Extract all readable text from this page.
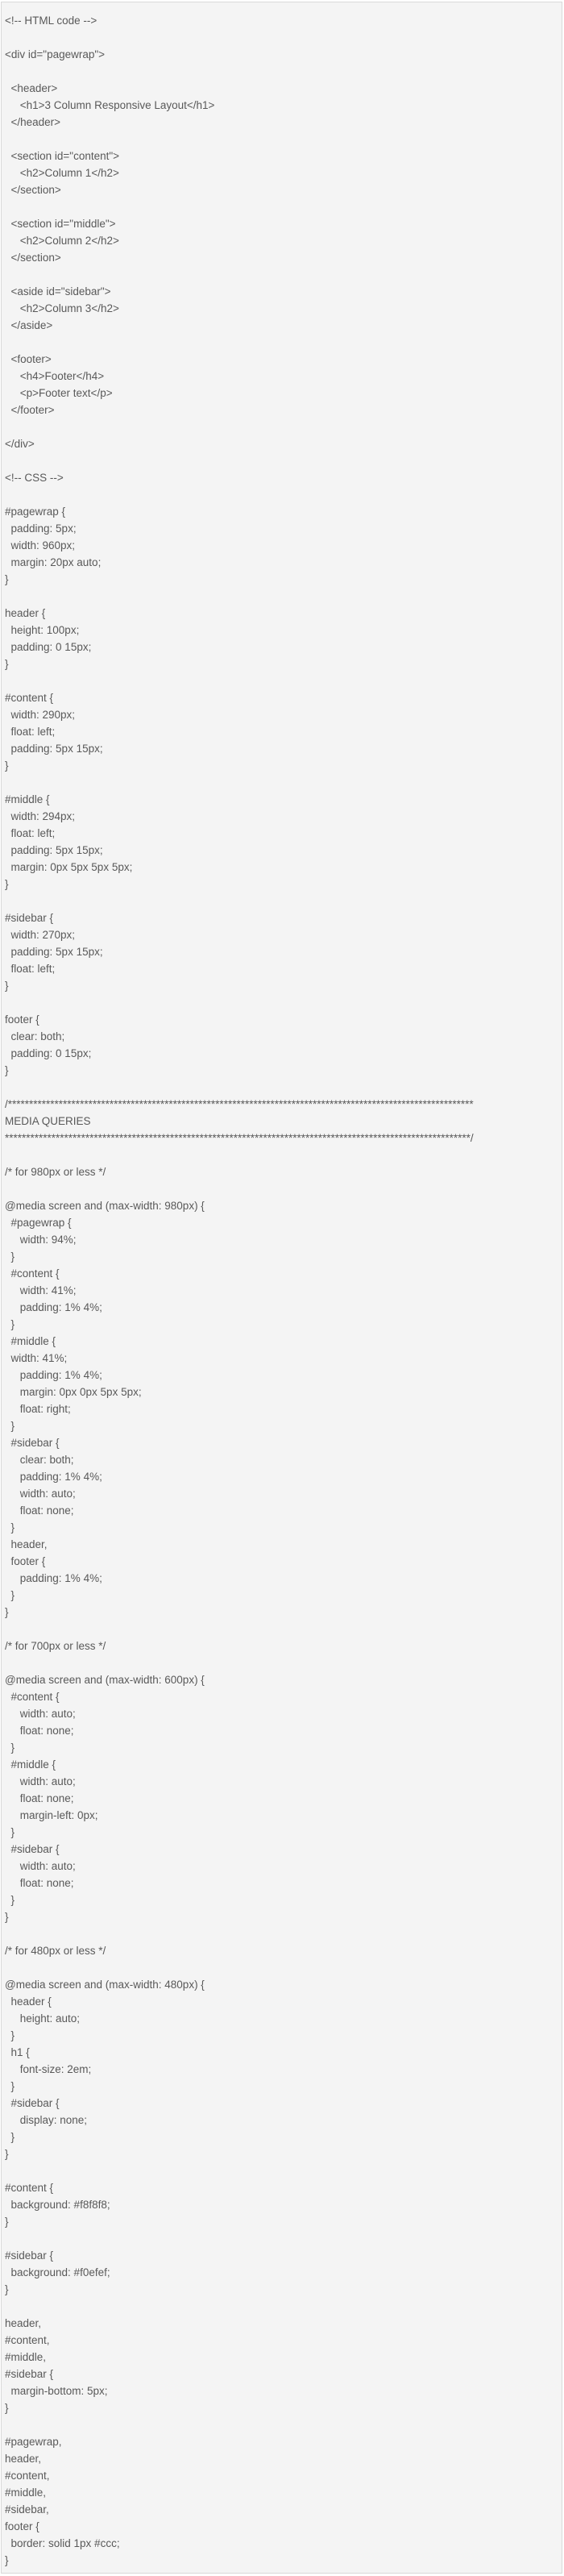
<!-- HTML code -->
<div id="pagewrap">
<header>
<h1>3 Column Responsive Layout</h1>
</header>
<section id="content">
<h2>Column 1</h2>
</section>
<section id="middle">
<h2>Column 2</h2>
</section>
<aside id="sidebar">
<h2>Column 3</h2>
</aside>
<footer>
<h4>Footer</h4>
<p>Footer text</p>
</footer>
</div>
<!-- CSS -->
#pagewrap {
padding: 5px;
width: 960px;
margin: 20px auto;
}
header {
height: 100px;
padding: 0 15px;
}
#content {
width: 290px;
float: left;
padding: 5px 15px;
}
#middle {
width: 294px;
float: left;
padding: 5px 15px;
margin: 0px 5px 5px 5px;
}
#sidebar {
width: 270px;
padding: 5px 15px;
float: left;
}
footer {
clear: both;
padding: 0 15px;
}
/**************************************************************************************************************
MEDIA QUERIES
**************************************************************************************************************/
/* for 980px or less */
@media screen and (max-width: 980px) {
#pagewrap {
width: 94%;
}
#content {
width: 41%;
padding: 1% 4%;
}
#middle {
width: 41%;
padding: 1% 4%;
margin: 0px 0px 5px 5px;
float: right;
}
#sidebar {
clear: both;
padding: 1% 4%;
width: auto;
float: none;
}
header,
footer {
padding: 1% 4%;
}
}
/* for 700px or less */
@media screen and (max-width: 600px) {
#content {
width: auto;
float: none;
}
#middle {
width: auto;
float: none;
margin-left: 0px;
}
#sidebar {
width: auto;
float: none;
}
}
/* for 480px or less */
@media screen and (max-width: 480px) {
header {
height: auto;
}
h1 {
font-size: 2em;
}
#sidebar {
display: none;
}
}
#content {
background: #f8f8f8;
}
#sidebar {
background: #f0efef;
}
header,
#content,
#middle,
#sidebar {
margin-bottom: 5px;
}
#pagewrap,
header,
#content,
#middle,
#sidebar,
footer {
border: solid 1px #ccc;
}
